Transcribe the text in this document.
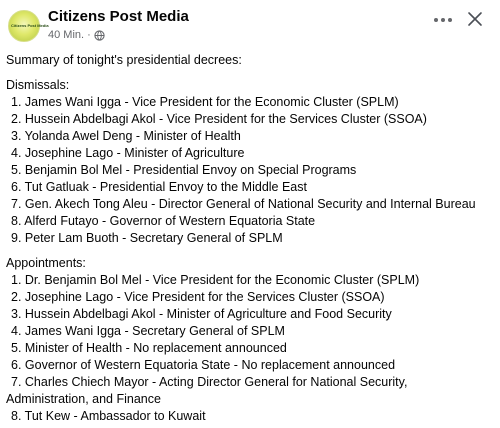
Citizens Post Media
Citizens Post Media
40 Min. ·
Summary of tonight's presidential decrees:
Dismissals:
1. James Wani Igga - Vice President for the Economic Cluster (SPLM)
2. Hussein Abdelbagi Akol - Vice President for the Services Cluster (SSOA)
3. Yolanda Awel Deng - Minister of Health
4. Josephine Lago - Minister of Agriculture
5. Benjamin Bol Mel - Presidential Envoy on Special Programs
6. Tut Gatluak - Presidential Envoy to the Middle East
7. Gen. Akech Tong Aleu - Director General of National Security and Internal Bureau
8. Alferd Futayo - Governor of Western Equatoria State
9. Peter Lam Buoth - Secretary General of SPLM
Appointments:
1. Dr. Benjamin Bol Mel - Vice President for the Economic Cluster (SPLM)
2. Josephine Lago - Vice President for the Services Cluster (SSOA)
3. Hussein Abdelbagi Akol - Minister of Agriculture and Food Security
4. James Wani Igga - Secretary General of SPLM
5. Minister of Health - No replacement announced
6. Governor of Western Equatoria State - No replacement announced
7. Charles Chiech Mayor - Acting Director General for National Security,
Administration, and Finance
8. Tut Kew - Ambassador to Kuwait
